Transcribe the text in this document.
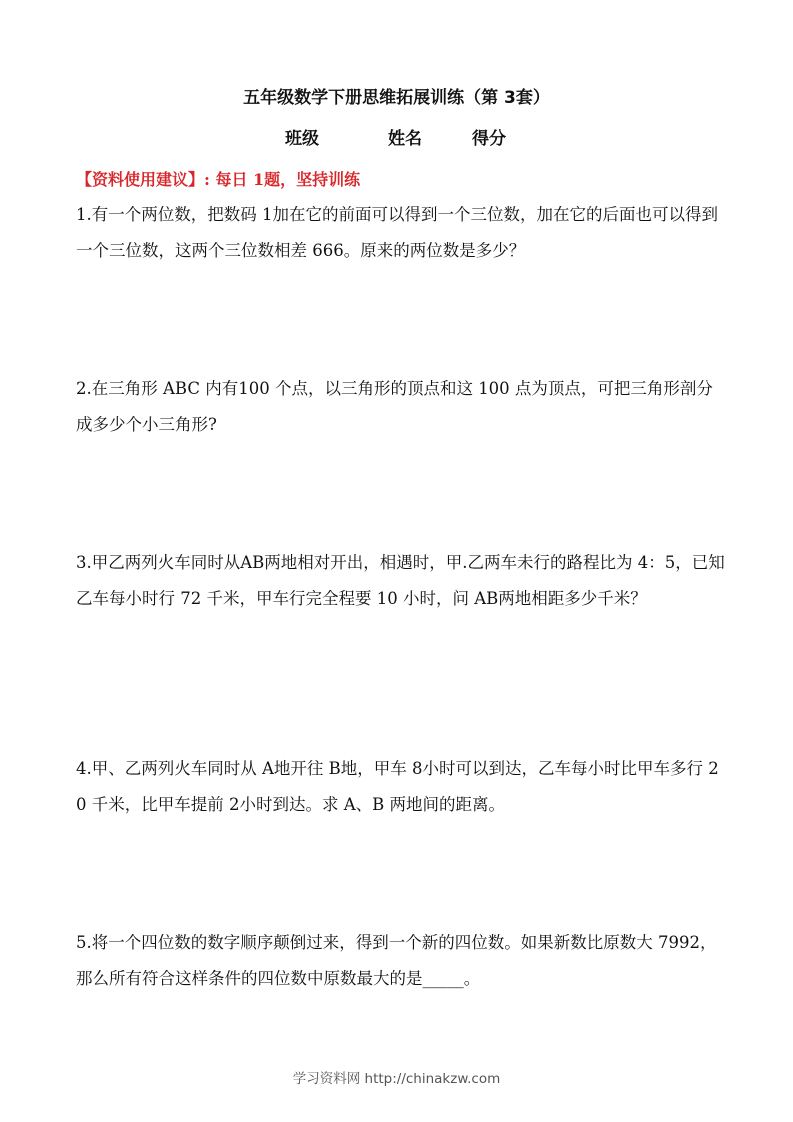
五年级数学下册思维拓展训练（第 3套）
班级	姓名	得分
【资料使用建议】: 每日 1题，坚持训练
1.有一个两位数，把数码 1加在它的前面可以得到一个三位数，加在它的后面也可以得到一个三位数，这两个三位数相差 666。原来的两位数是多少？
2.在三角形 ABC 内有100 个点，以三角形的顶点和这 100 点为顶点，可把三角形剖分成多少个小三角形?
3.甲乙两列火车同时从AB两地相对开出，相遇时，甲.乙两车未行的路程比为 4：5，已知乙车每小时行 72 千米，甲车行完全程要 10 小时，问 AB两地相距多少千米？
4.甲、乙两列火车同时从 A地开往 B地，甲车 8小时可以到达，乙车每小时比甲车多行 20 千米，比甲车提前 2小时到达。求 A、B 两地间的距离。
5.将一个四位数的数字顺序颠倒过来，得到一个新的四位数。如果新数比原数大 7992，那么所有符合这样条件的四位数中原数最大的是_____。
学习资料网 http://chinakzw.com
